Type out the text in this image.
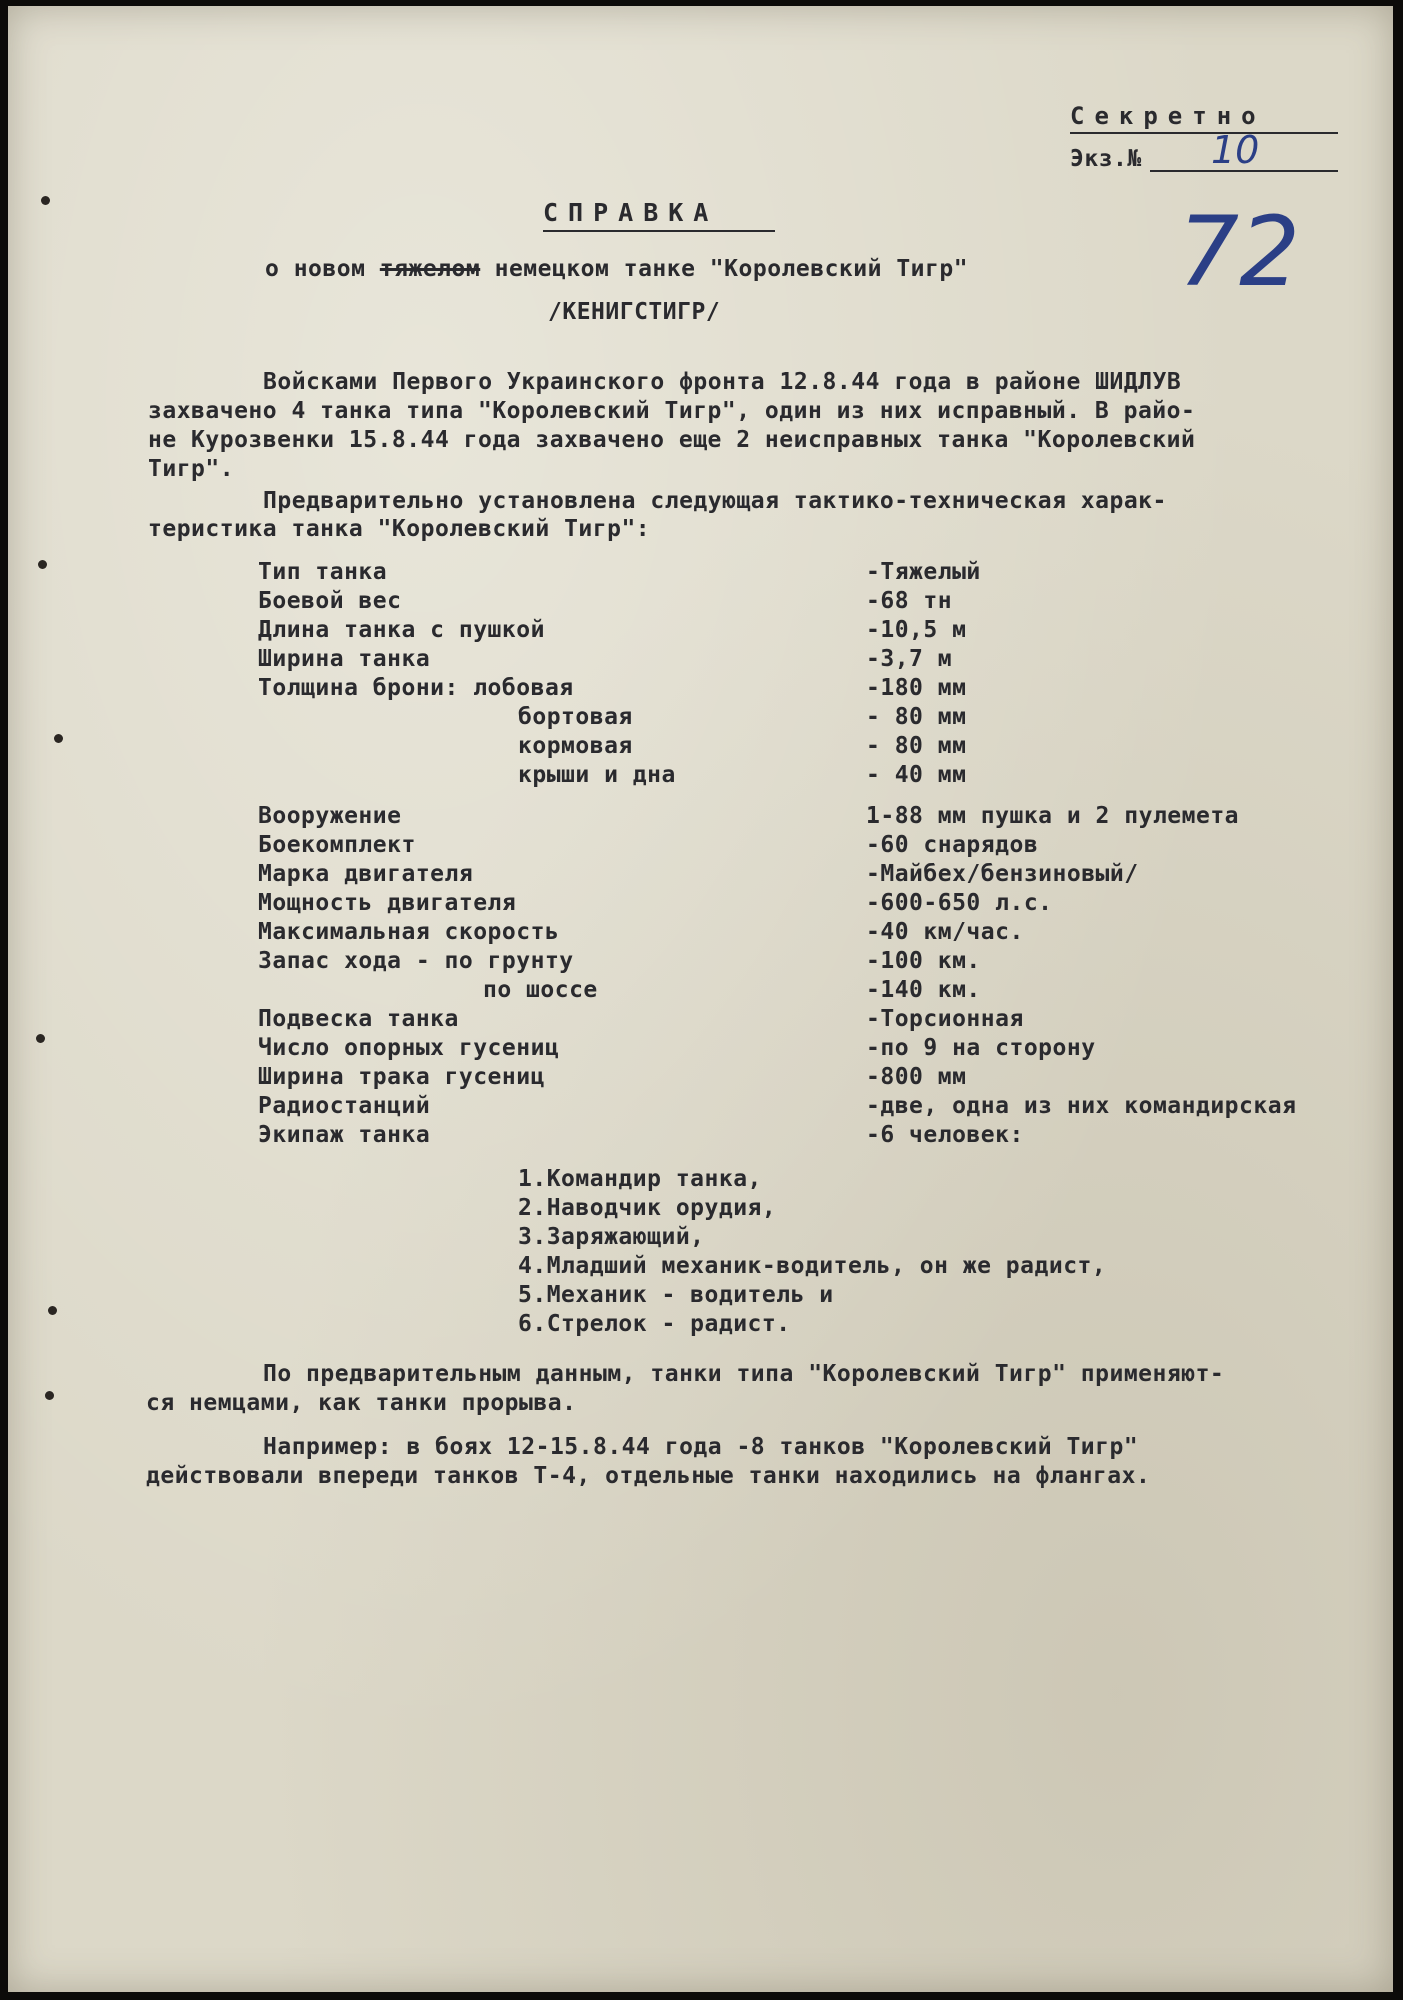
Секретно
Экз.№ 10
72
СПРАВКА
о новом тяжелом немецком танке "Королевский Тигр"
/КЕНИГСТИГР/
Войсками Первого Украинского фронта 12.8.44 года в районе ШИДЛУВ
захвачено 4 танка типа "Королевский Тигр", один из них исправный. В райо-
не Курозвенки 15.8.44 года захвачено еще 2 неисправных танка "Королевский
Тигр".
Предварительно установлена следующая тактико-техническая харак-
теристика танка "Королевский Тигр":
Тип танка	-Тяжелый
Боевой вес	-68 тн
Длина танка с пушкой	-10,5 м
Ширина танка	-3,7 м
Толщина брони: лобовая	-180 мм
бортовая	- 80 мм
кормовая	- 80 мм
крыши и дна	- 40 мм
Вооружение	1-88 мм пушка и 2 пулемета
Боекомплект	-60 снарядов
Марка двигателя	-Майбех/бензиновый/
Мощность двигателя	-600-650 л.с.
Максимальная скорость	-40 км/час.
Запас хода - по грунту	-100 км.
по шоссе	-140 км.
Подвеска танка	-Торсионная
Число опорных гусениц	-по 9 на сторону
Ширина трака гусениц	-800 мм
Радиостанций	-две, одна из них командирская
Экипаж танка	-6 человек:
1.Командир танка,
2.Наводчик орудия,
3.Заряжающий,
4.Младший механик-водитель, он же радист,
5.Механик - водитель и
6.Стрелок - радист.
По предварительным данным, танки типа "Королевский Тигр" применяют-
ся немцами, как танки прорыва.
Например: в боях 12-15.8.44 года -8 танков "Королевский Тигр"
действовали впереди танков Т-4, отдельные танки находились на флангах.
